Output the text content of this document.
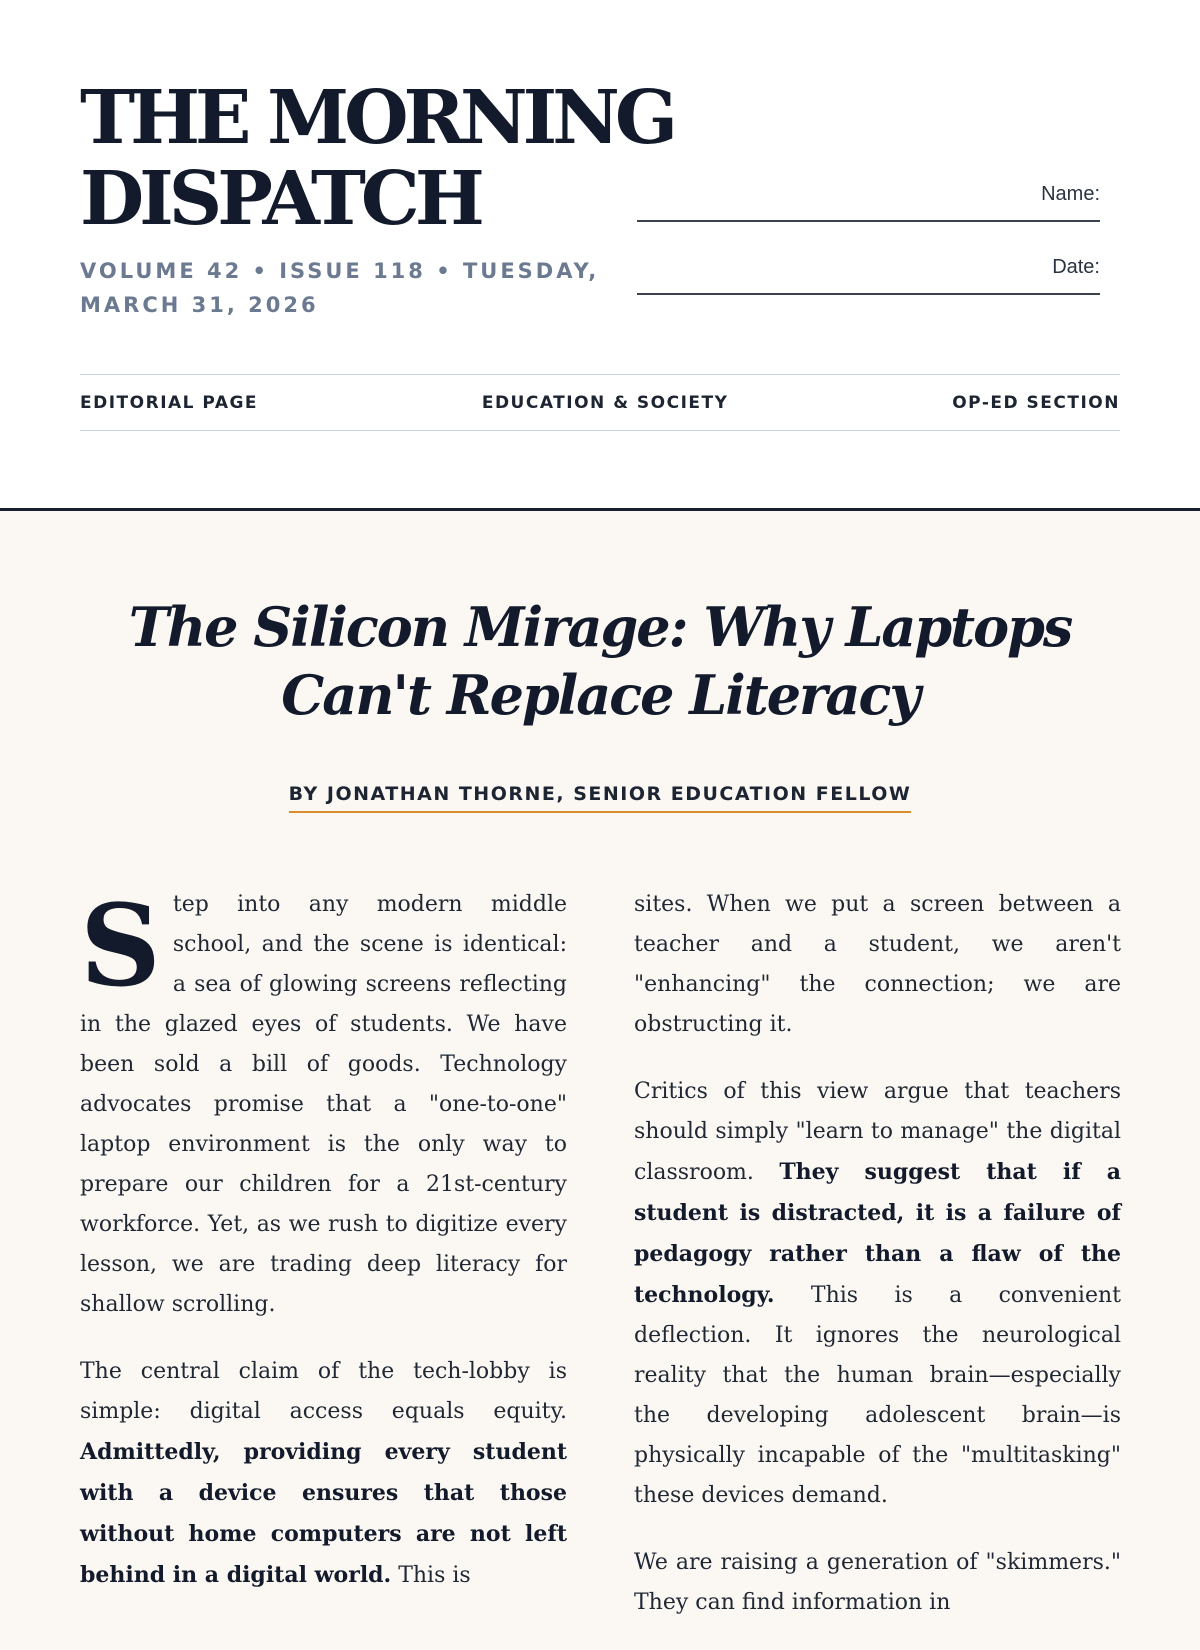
THE MORNING
DISPATCH
VOLUME 42 • ISSUE 118 • TUESDAY, MARCH 31, 2026
Name:
Date:
EDITORIAL PAGE	EDUCATION & SOCIETY	OP-ED SECTION
The Silicon Mirage: Why Laptops Can't Replace Literacy
BY JONATHAN THORNE, SENIOR EDUCATION FELLOW

Step into any modern middle school, and the scene is identical: a sea of glowing screens reflecting in the glazed eyes of students. We have been sold a bill of goods. Technology advocates promise that a "one-to-one" laptop environment is the only way to prepare our children for a 21st-century workforce. Yet, as we rush to digitize every lesson, we are trading deep literacy for shallow scrolling.

The central claim of the tech-lobby is simple: digital access equals equity. Admittedly, providing every student with a device ensures that those without home computers are not left behind in a digital world. This is

sites. When we put a screen between a teacher and a student, we aren't "enhancing" the connection; we are obstructing it.

Critics of this view argue that teachers should simply "learn to manage" the digital classroom. They suggest that if a student is distracted, it is a failure of pedagogy rather than a flaw of the technology. This is a convenient deflection. It ignores the neurological reality that the human brain—especially the developing adolescent brain—is physically incapable of the "multitasking" these devices demand.

We are raising a generation of "skimmers." They can find information in
